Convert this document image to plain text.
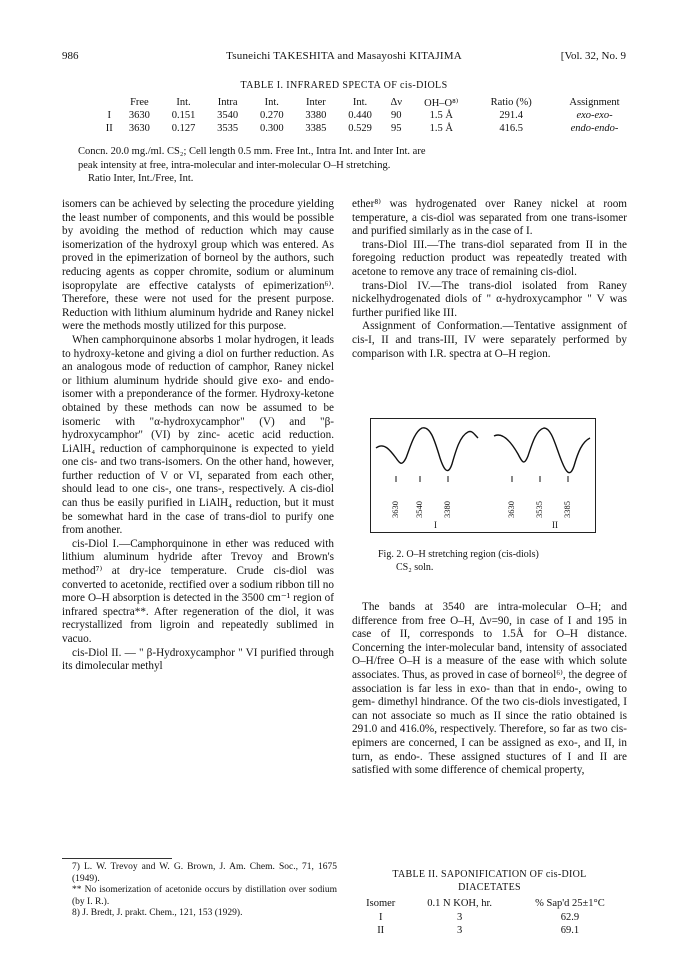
986	Tsuneichi TAKESHITA and Masayoshi KITAJIMA	[Vol. 32, No. 9
TABLE I. INFRARED SPECTA OF cis-DIOLS
	Free	Int.	Intra	Int.	Inter	Int.	Δν	OH–O⁸⁾	Ratio (%)	Assignment
I	3630	0.151	3540	0.270	3380	0.440	90	1.5 Å	291.4	exo-exo-
II	3630	0.127	3535	0.300	3385	0.529	95	1.5 Å	416.5	endo-endo-

Concn. 20.0 mg./ml. CS₂; Cell length 0.5 mm. Free Int., Intra Int. and Inter Int. are

peak intensity at free, intra-molecular and inter-molecular O–H stretching.

Ratio Inter, Int./Free, Int.

isomers can be achieved by selecting the procedure yielding the least number of components, and this would be possible by avoiding the method of reduction which may cause isomerization of the hydroxyl group which was entered. As proved in the epimerization of borneol by the authors, such reducing agents as copper chromite, sodium or aluminum isopropylate are effective catalysts of epimerization⁶⁾. Therefore, these were not used for the present purpose. Reduction with lithium aluminum hydride and Raney nickel were the methods mostly utilized for this purpose.

When camphorquinone absorbs 1 molar hydrogen, it leads to hydroxy-ketone and giving a diol on further reduction. As an analogous mode of reduction of camphor, Raney nickel or lithium aluminum hydride should give exo- and endo- isomer with a preponderance of the former. Hydroxy-ketone obtained by these methods can now be assumed to be isomeric with "α-hydroxycamphor" (V) and "β-hydroxycamphor" (VI) by zinc- acetic acid reduction. LiAlH₄ reduction of camphorquinone is expected to yield one cis- and two trans-isomers. On the other hand, however, further reduction of V or VI, separated from each other, should lead to one cis-, one trans-, respectively. A cis-diol can thus be easily purified in LiAlH₄ reduction, but it must be somewhat hard in the case of trans-diol to purify one from another.

cis-Diol I.—Camphorquinone in ether was reduced with lithium aluminum hydride after Trevoy and Brown's method⁷⁾ at dry-ice temperature. Crude cis-diol was converted to acetonide, rectified over a sodium ribbon till no more O–H absorption is detected in the 3500 cm⁻¹ region of infrared spectra**. After regeneration of the diol, it was recrystallized from ligroin and repeatedly sublimed in vacuo.

cis-Diol II. — " β-Hydroxycamphor " VI purified through its dimolecular methyl

ether⁸⁾ was hydrogenated over Raney nickel at room temperature, a cis-diol was separated from one trans-isomer and purified similarly as in the case of I.

trans-Diol III.—The trans-diol separated from II in the foregoing reduction product was repeatedly treated with acetone to remove any trace of remaining cis-diol.

trans-Diol IV.—The trans-diol isolated from Raney nickelhydrogenated diols of " α-hydroxycamphor " V was further purified like III.

Assignment of Conformation.—Tentative assignment of cis-I, II and trans-III, IV were separately performed by comparison with I.R. spectra at O–H region.

3630 3540 3380	3630 3535 3385
I	II

Fig. 2. O–H stretching region (cis-diols)

CS₂ soln.

The bands at 3540 are intra-molecular O–H; and difference from free O–H, Δν=90, in case of I and 195 in case of II, corresponds to 1.5Å for O–H distance. Concerning the inter-molecular band, intensity of associated O–H/free O–H is a measure of the ease with which solute associates. Thus, as proved in case of borneol⁶⁾, the degree of association is far less in exo- than that in endo-, owing to gem- dimethyl hindrance. Of the two cis-diols investigated, I can not associate so much as II since the ratio obtained is 291.0 and 416.0%, respectively. Therefore, so far as two cis-epimers are concerned, I can be assigned as exo-, and II, in turn, as endo-. These assigned stuctures of I and II are satisfied with some difference of chemical property,

7) L. W. Trevoy and W. G. Brown, J. Am. Chem. Soc., 71, 1675 (1949).

** No isomerization of acetonide occurs by distillation over sodium (by I. R.).

8) J. Bredt, J. prakt. Chem., 121, 153 (1929).

TABLE II. SAPONIFICATION OF cis-DIOL
DIACETATES
Isomer	0.1 N KOH, hr.	% Sap'd 25±1°C
I	3	62.9
II	3	69.1
